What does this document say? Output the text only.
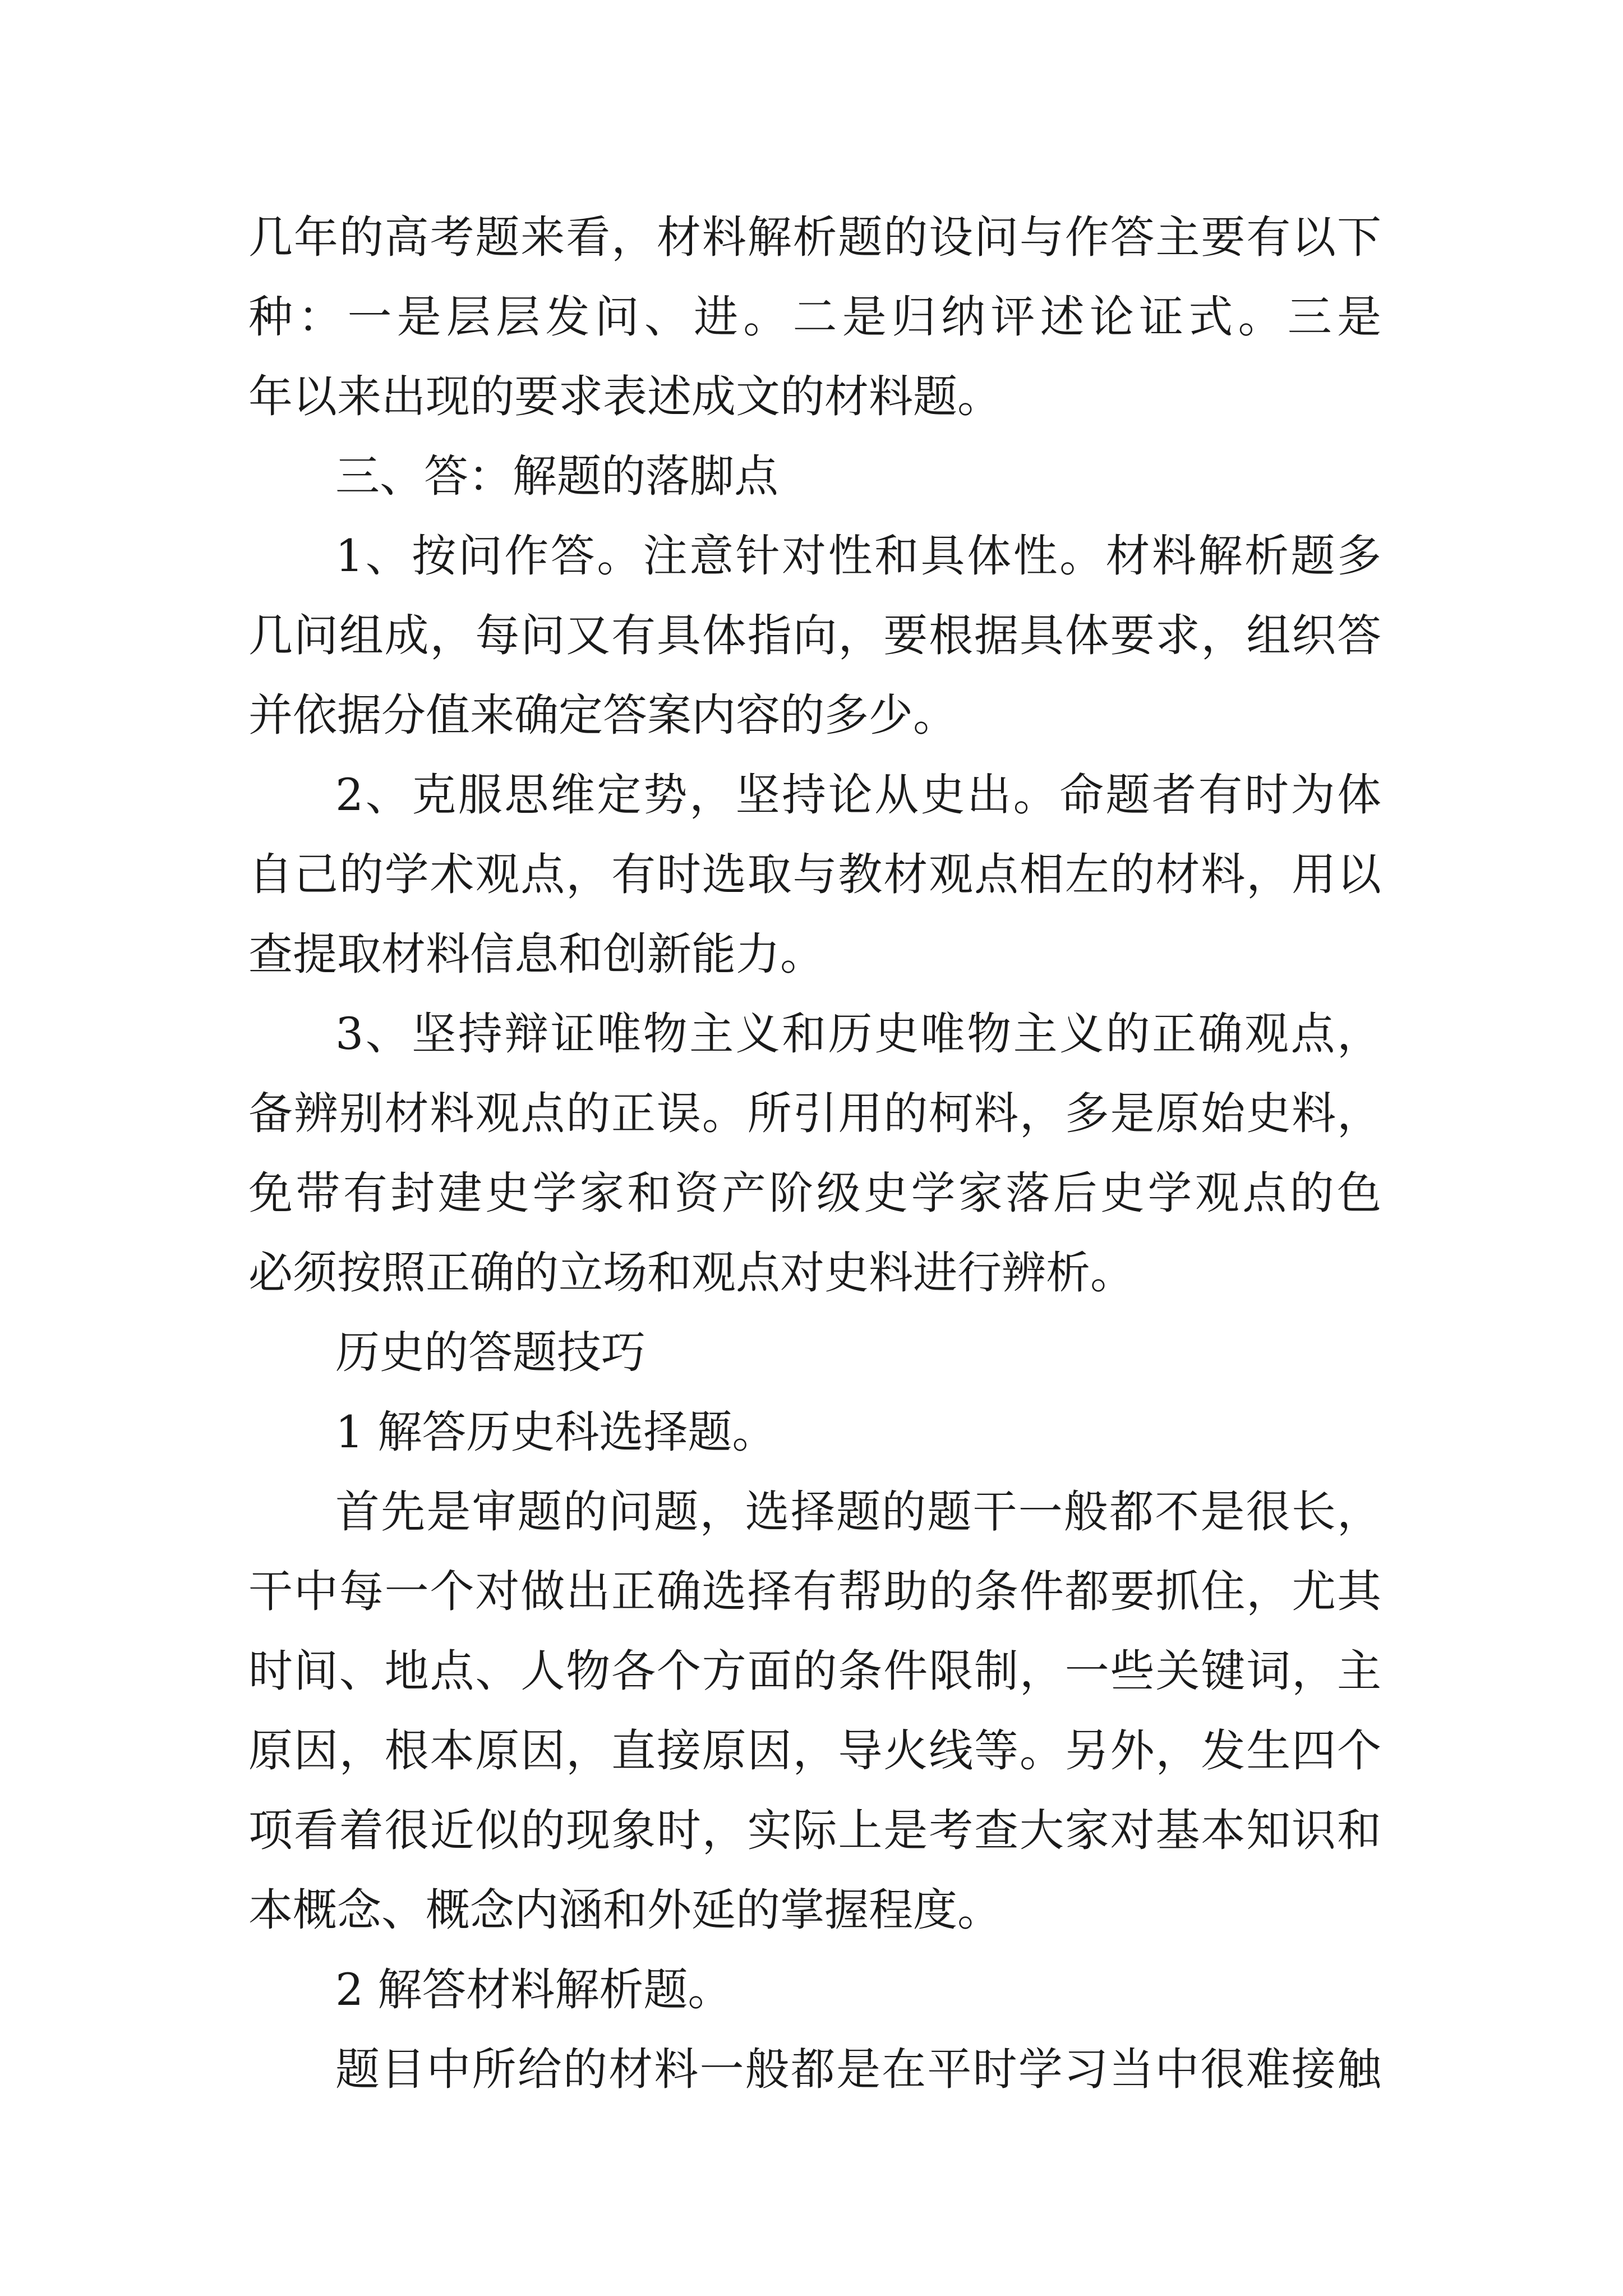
几年的高考题来看，材料解析题的设问与作答主要有以下
种：一是层层发问、进。二是归纳评述论证式。三是
年以来出现的要求表述成文的材料题。
三、答：解题的落脚点
1、按问作答。注意针对性和具体性。材料解析题多
几问组成，每问又有具体指向，要根据具体要求，组织答
并依据分值来确定答案内容的多少。
2、克服思维定势，坚持论从史出。命题者有时为体
自己的学术观点，有时选取与教材观点相左的材料，用以
查提取材料信息和创新能力。
3、坚持辩证唯物主义和历史唯物主义的正确观点，
备辨别材料观点的正误。所引用的柯料，多是原始史料，
免带有封建史学家和资产阶级史学家落后史学观点的色
必须按照正确的立场和观点对史料进行辨析。
历史的答题技巧
1 解答历史科选择题。
首先是审题的问题，选择题的题干一般都不是很长，
干中每一个对做出正确选择有帮助的条件都要抓住，尤其
时间、地点、人物各个方面的条件限制，一些关键词，主
原因，根本原因，直接原因，导火线等。另外，发生四个
项看着很近似的现象时，实际上是考查大家对基本知识和
本概念、概念内涵和外延的掌握程度。
2 解答材料解析题。
题目中所给的材料一般都是在平时学习当中很难接触
